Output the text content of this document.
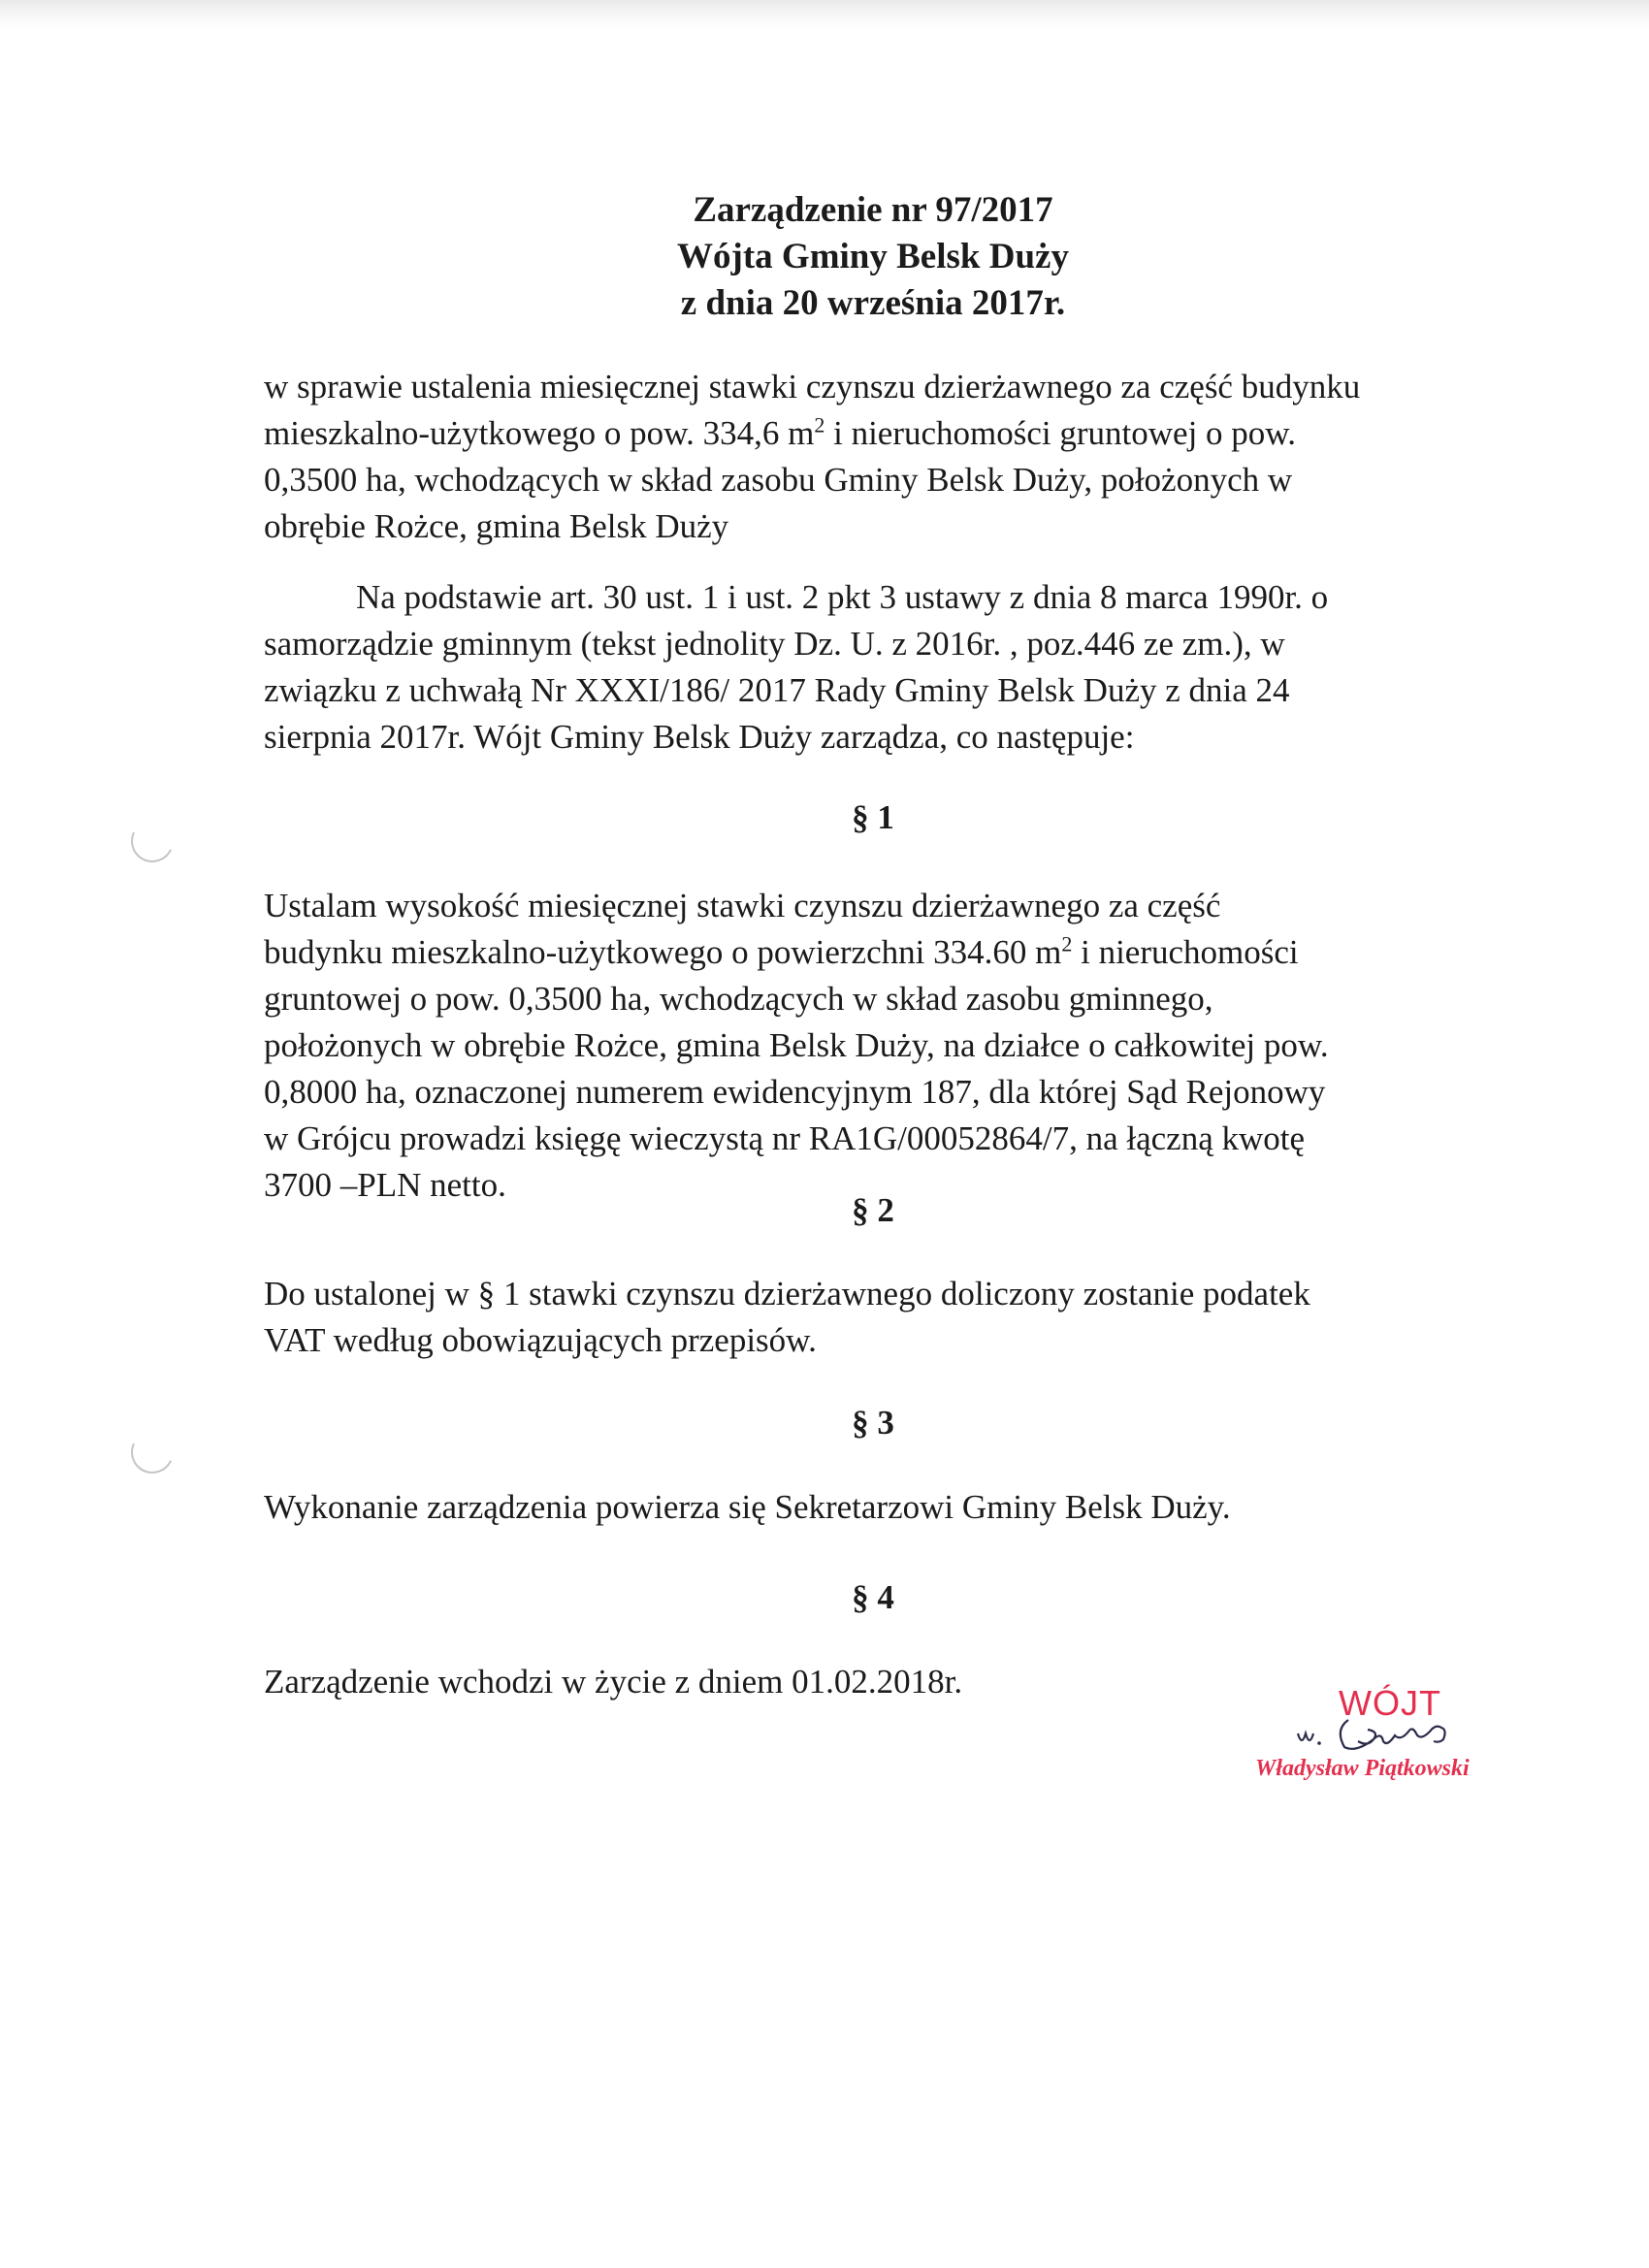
Zarządzenie nr 97/2017
Wójta Gminy Belsk Duży
z dnia 20 września 2017r.
w sprawie ustalenia miesięcznej stawki czynszu dzierżawnego za część budynku
mieszkalno-użytkowego o pow. 334,6 $m^2$ i nieruchomości gruntowej o pow.
0,3500 ha, wchodzących w skład zasobu Gminy Belsk Duży, położonych w
obrębie Rożce, gmina Belsk Duży
Na podstawie art. 30 ust. 1 i ust. 2 pkt 3 ustawy z dnia 8 marca 1990r. o
samorządzie gminnym (tekst jednolity Dz. U. z 2016r. , poz.446 ze zm.), w
związku z uchwałą Nr XXXI/186/ 2017 Rady Gminy Belsk Duży z dnia 24
sierpnia 2017r. Wójt Gminy Belsk Duży zarządza, co następuje:
§ 1
Ustalam wysokość miesięcznej stawki czynszu dzierżawnego za część
budynku mieszkalno-użytkowego o powierzchni 334.60 $m^2$ i nieruchomości
gruntowej o pow. 0,3500 ha, wchodzących w skład zasobu gminnego,
położonych w obrębie Rożce, gmina Belsk Duży, na działce o całkowitej pow.
0,8000 ha, oznaczonej numerem ewidencyjnym 187, dla której Sąd Rejonowy
w Grójcu prowadzi księgę wieczystą nr RA1G/00052864/7, na łączną kwotę
3700 –PLN netto.
§ 2
Do ustalonej w § 1 stawki czynszu dzierżawnego doliczony zostanie podatek
VAT według obowiązujących przepisów.
§ 3
Wykonanie zarządzenia powierza się Sekretarzowi Gminy Belsk Duży.
§ 4
Zarządzenie wchodzi w życie z dniem 01.02.2018r.
WÓJT
Władysław Piątkowski
